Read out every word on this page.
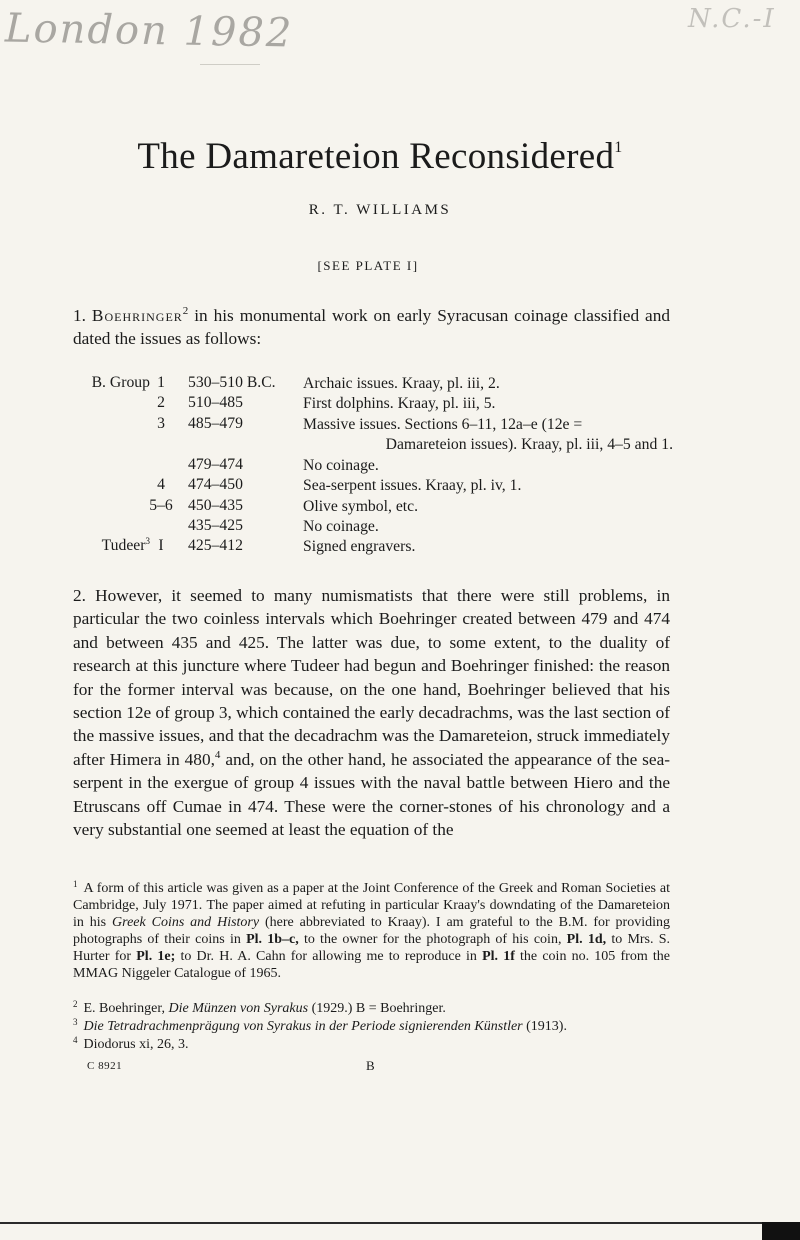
London 1982	N.C.-I
The Damareteion Reconsidered$^1$
R. T. WILLIAMS
[SEE PLATE I]

1. Boehringer$^2$ in his monumental work on early Syracusan coinage classified and dated the issues as follows:

B. Group 1	530–510 B.C. Archaic issues. Kraay, pl. iii, 2.
2	510–485	First dolphins. Kraay, pl. iii, 5.
3	485–479	Massive issues. Sections 6–11, 12a–e (12e =
Damareteion issues). Kraay, pl. iii, 4–5 and 1.
479–474	No coinage.
4	474–450	Sea-serpent issues. Kraay, pl. iv, 1.
5–6 450–435	Olive symbol, etc.
435–425	No coinage.
Tudeer$^3$ I	425–412	Signed engravers.

2. However, it seemed to many numismatists that there were still problems, in particular the two coinless intervals which Boehringer created between 479 and 474 and between 435 and 425. The latter was due, to some extent, to the duality of research at this juncture where Tudeer had begun and Boehringer finished: the reason for the former interval was because, on the one hand, Boehringer believed that his section 12e of group 3, which contained the early decadrachms, was the last section of the massive issues, and that the decadrachm was the Damareteion, struck immediately after Himera in 480,$^4$ and, on the other hand, he associated the appearance of the sea-serpent in the exergue of group 4 issues with the naval battle between Hiero and the Etruscans off Cumae in 474. These were the corner-stones of his chronology and a very substantial one seemed at least the equation of the

$^1$ A form of this article was given as a paper at the Joint Conference of the Greek and Roman Societies at Cambridge, July 1971. The paper aimed at refuting in particular Kraay's downdating of the Damareteion in his Greek Coins and History (here abbreviated to Kraay). I am grateful to the B.M. for providing photographs of their coins in Pl. 1b–c, to the owner for the photograph of his coin, Pl. 1d, to Mrs. S. Hurter for Pl. 1e; to Dr. H. A. Cahn for allowing me to reproduce in Pl. 1f the coin no. 105 from the MMAG Niggeler Catalogue of 1965.

$^2$ E. Boehringer, Die Münzen von Syrakus (1929.) B = Boehringer.

$^3$ Die Tetradrachmenprägung von Syrakus in der Periode signierenden Künstler (1913).

$^4$ Diodorus xi, 26, 3.

C 8921	B
